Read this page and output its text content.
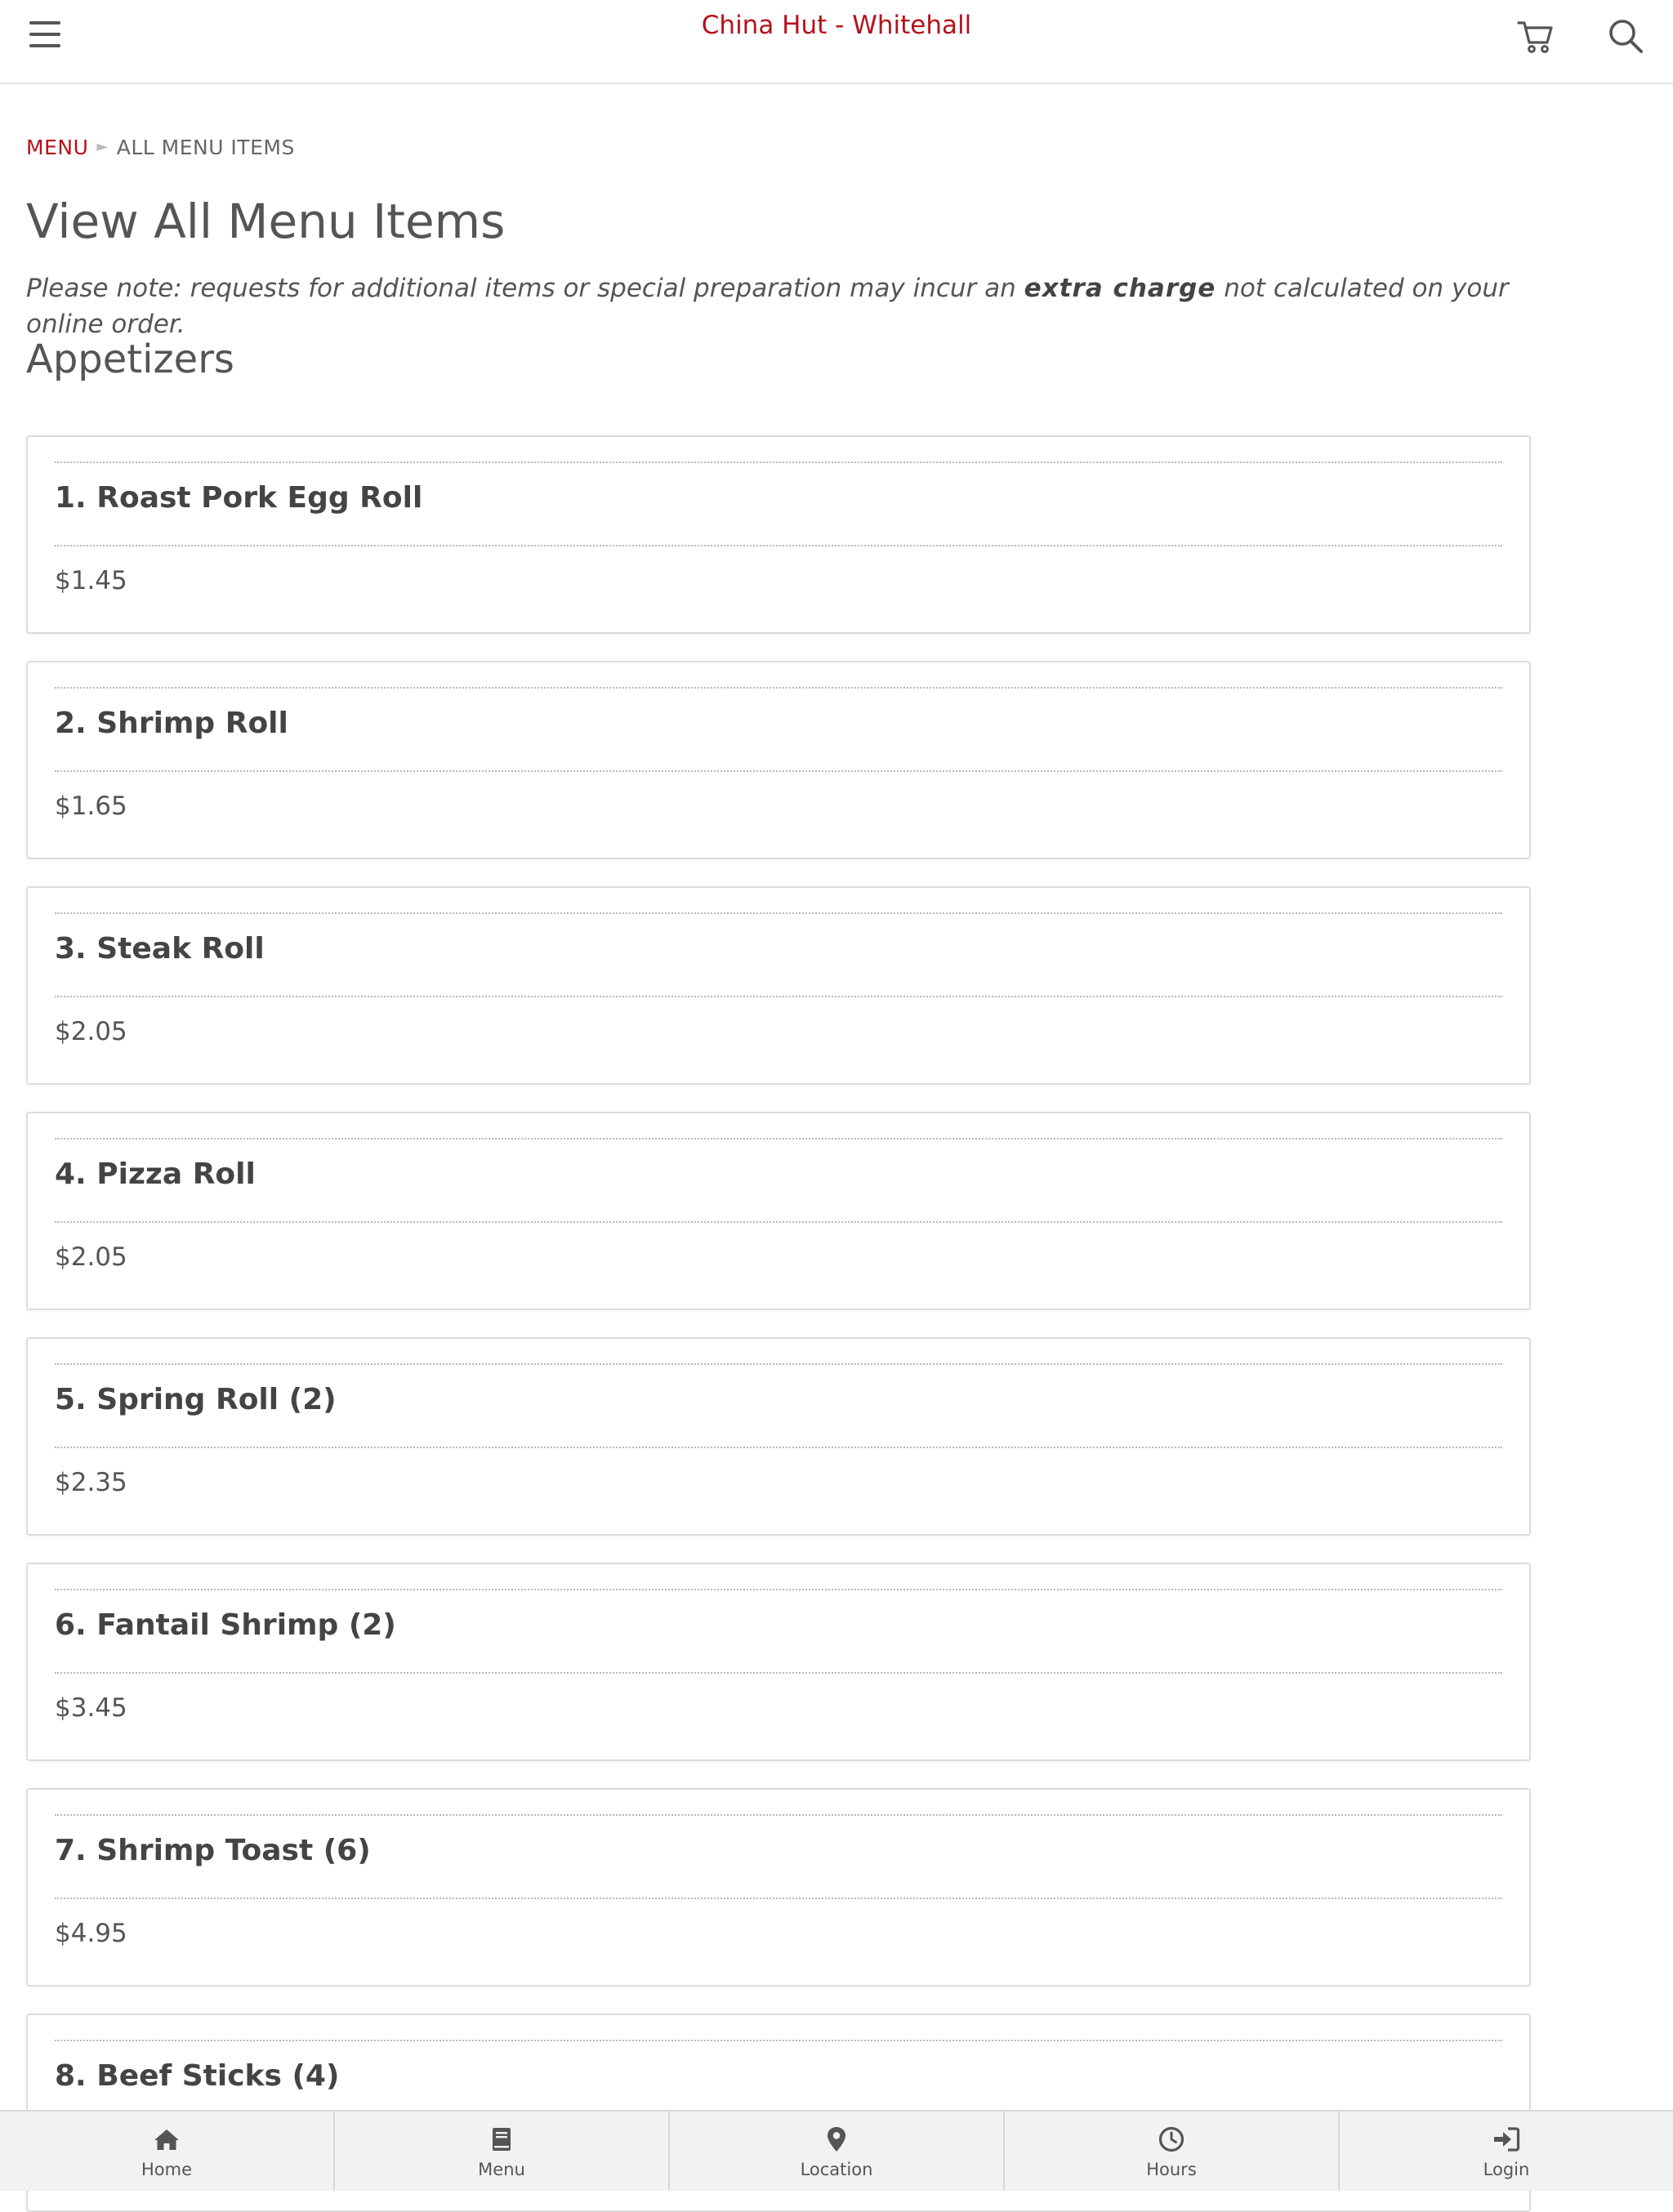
China Hut - Whitehall
MENU ► ALL MENU ITEMS
View All Menu Items
Please note: requests for additional items or special preparation may incur an extra charge not calculated on your online order.
Appetizers
1. Roast Pork Egg Roll
$1.45
2. Shrimp Roll
$1.65
3. Steak Roll
$2.05
4. Pizza Roll
$2.05
5. Spring Roll (2)
$2.35
6. Fantail Shrimp (2)
$3.45
7. Shrimp Toast (6)
$4.95
8. Beef Sticks (4)
Home	Menu	Location	Hours	Login
